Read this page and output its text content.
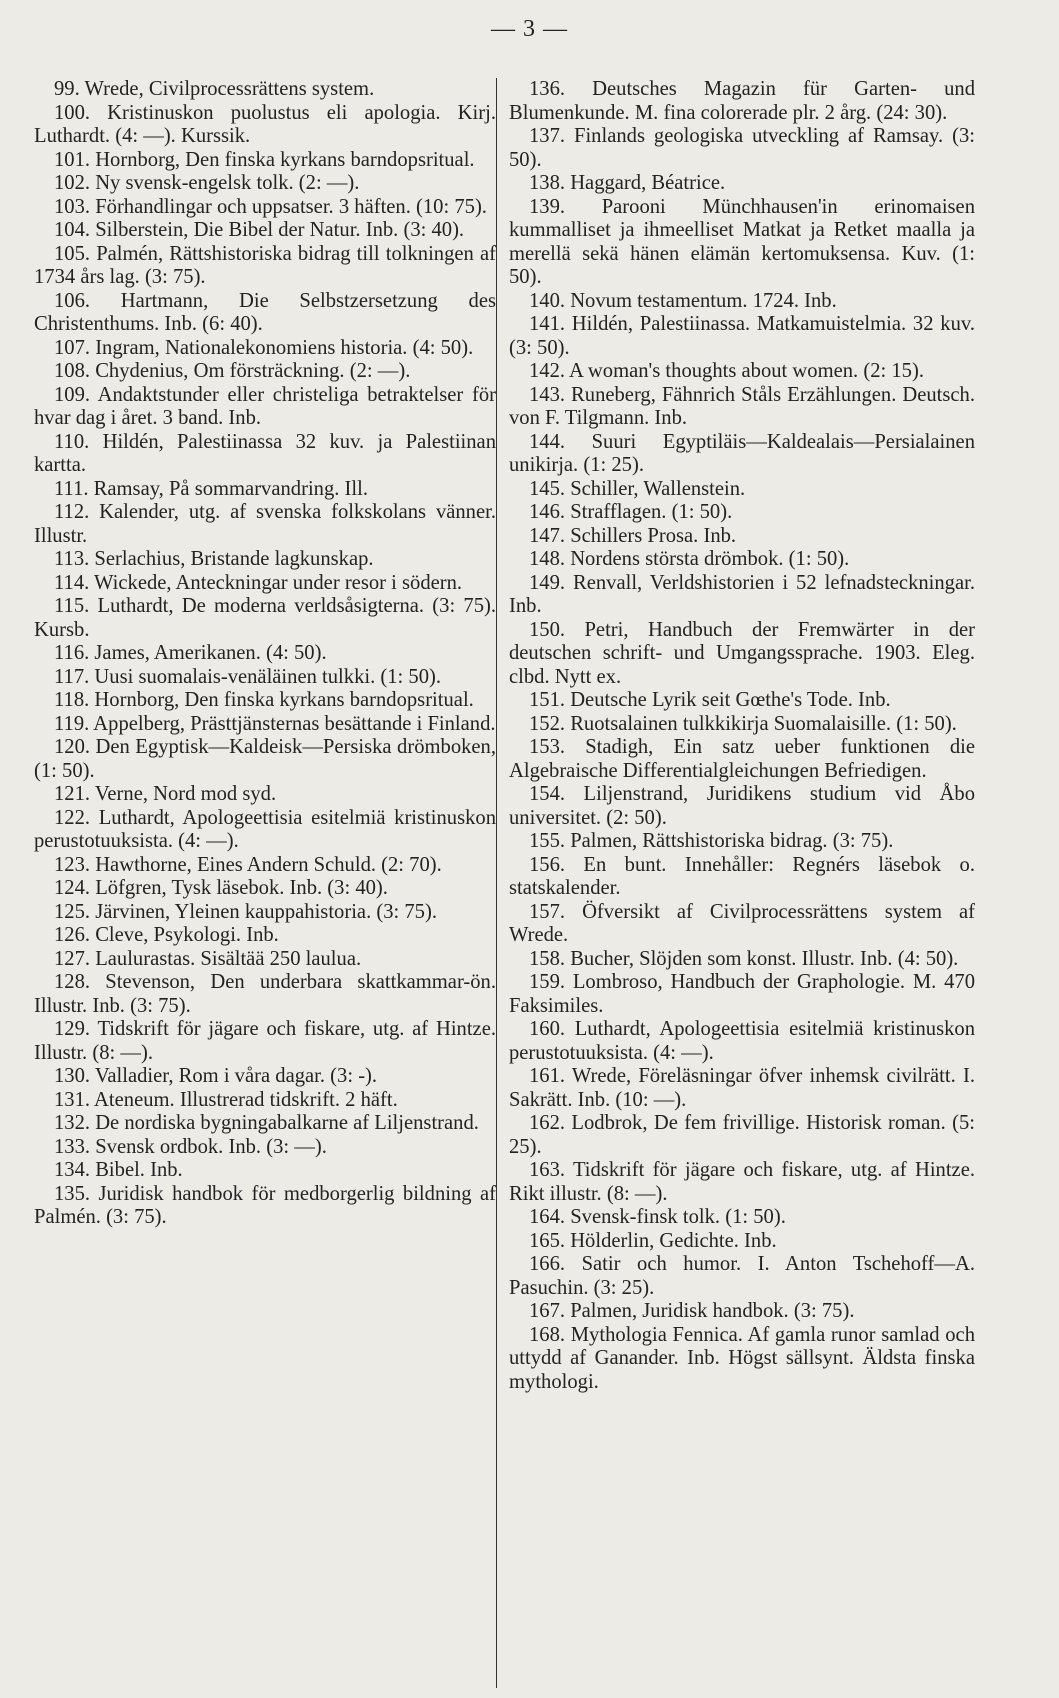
— 3 —

99. Wrede, Civilprocessrättens system.

100. Kristinuskon puolustus eli apologia. Kirj. Luthardt. (4: —). Kurssik.

101. Hornborg, Den finska kyrkans barndopsritual.

102. Ny svensk-engelsk tolk. (2: —).

103. Förhandlingar och uppsatser. 3 häften. (10: 75).

104. Silberstein, Die Bibel der Natur. Inb. (3: 40).

105. Palmén, Rättshistoriska bidrag till tolkningen af 1734 års lag. (3: 75).

106. Hartmann, Die Selbstzersetzung des Christenthums. Inb. (6: 40).

107. Ingram, Nationalekonomiens historia. (4: 50).

108. Chydenius, Om försträckning. (2: —).

109. Andaktstunder eller christeliga betraktelser för hvar dag i året. 3 band. Inb.

110. Hildén, Palestiinassa 32 kuv. ja Palestiinan kartta.

111. Ramsay, På sommarvandring. Ill.

112. Kalender, utg. af svenska folkskolans vänner. Illustr.

113. Serlachius, Bristande lagkunskap.

114. Wickede, Anteckningar under resor i södern.

115. Luthardt, De moderna verldsåsigterna. (3: 75). Kursb.

116. James, Amerikanen. (4: 50).

117. Uusi suomalais-venäläinen tulkki. (1: 50).

118. Hornborg, Den finska kyrkans barndopsritual.

119. Appelberg, Prästtjänsternas besättande i Finland.

120. Den Egyptisk—Kaldeisk—Persiska drömboken, (1: 50).

121. Verne, Nord mod syd.

122. Luthardt, Apologeettisia esitelmiä kristinuskon perustotuuksista. (4: —).

123. Hawthorne, Eines Andern Schuld. (2: 70).

124. Löfgren, Tysk läsebok. Inb. (3: 40).

125. Järvinen, Yleinen kauppahistoria. (3: 75).

126. Cleve, Psykologi. Inb.

127. Laulurastas. Sisältää 250 laulua.

128. Stevenson, Den underbara skattkammar-ön. Illustr. Inb. (3: 75).

129. Tidskrift för jägare och fiskare, utg. af Hintze. Illustr. (8: —).

130. Valladier, Rom i våra dagar. (3: -).

131. Ateneum. Illustrerad tidskrift. 2 häft.

132. De nordiska bygningabalkarne af Liljenstrand.

133. Svensk ordbok. Inb. (3: —).

134. Bibel. Inb.

135. Juridisk handbok för medborgerlig bildning af Palmén. (3: 75).

136. Deutsches Magazin für Garten- und Blumenkunde. M. fina colorerade plr. 2 årg. (24: 30).

137. Finlands geologiska utveckling af Ramsay. (3: 50).

138. Haggard, Béatrice.

139. Parooni Münchhausen'in erinomaisen kummalliset ja ihmeelliset Matkat ja Retket maalla ja merellä sekä hänen elämän kertomuksensa. Kuv. (1: 50).

140. Novum testamentum. 1724. Inb.

141. Hildén, Palestiinassa. Matkamuistelmia. 32 kuv. (3: 50).

142. A woman's thoughts about women. (2: 15).

143. Runeberg, Fähnrich Ståls Erzählungen. Deutsch. von F. Tilgmann. Inb.

144. Suuri Egyptiläis—Kaldealais—Persialainen unikirja. (1: 25).

145. Schiller, Wallenstein.

146. Strafflagen. (1: 50).

147. Schillers Prosa. Inb.

148. Nordens största drömbok. (1: 50).

149. Renvall, Verldshistorien i 52 lefnadsteckningar. Inb.

150. Petri, Handbuch der Fremwärter in der deutschen schrift- und Umgangssprache. 1903. Eleg. clbd. Nytt ex.

151. Deutsche Lyrik seit Gœthe's Tode. Inb.

152. Ruotsalainen tulkkikirja Suomalaisille. (1: 50).

153. Stadigh, Ein satz ueber funktionen die Algebraische Differentialgleichungen Befriedigen.

154. Liljenstrand, Juridikens studium vid Åbo universitet. (2: 50).

155. Palmen, Rättshistoriska bidrag. (3: 75).

156. En bunt. Innehåller: Regnérs läsebok o. statskalender.

157. Öfversikt af Civilprocessrättens system af Wrede.

158. Bucher, Slöjden som konst. Illustr. Inb. (4: 50).

159. Lombroso, Handbuch der Graphologie. M. 470 Faksimiles.

160. Luthardt, Apologeettisia esitelmiä kristinuskon perustotuuksista. (4: —).

161. Wrede, Föreläsningar öfver inhemsk civilrätt. I. Sakrätt. Inb. (10: —).

162. Lodbrok, De fem frivillige. Historisk roman. (5: 25).

163. Tidskrift för jägare och fiskare, utg. af Hintze. Rikt illustr. (8: —).

164. Svensk-finsk tolk. (1: 50).

165. Hölderlin, Gedichte. Inb.

166. Satir och humor. I. Anton Tschehoff—A. Pasuchin. (3: 25).

167. Palmen, Juridisk handbok. (3: 75).

168. Mythologia Fennica. Af gamla runor samlad och uttydd af Ganander. Inb. Högst sällsynt. Äldsta finska mythologi.
